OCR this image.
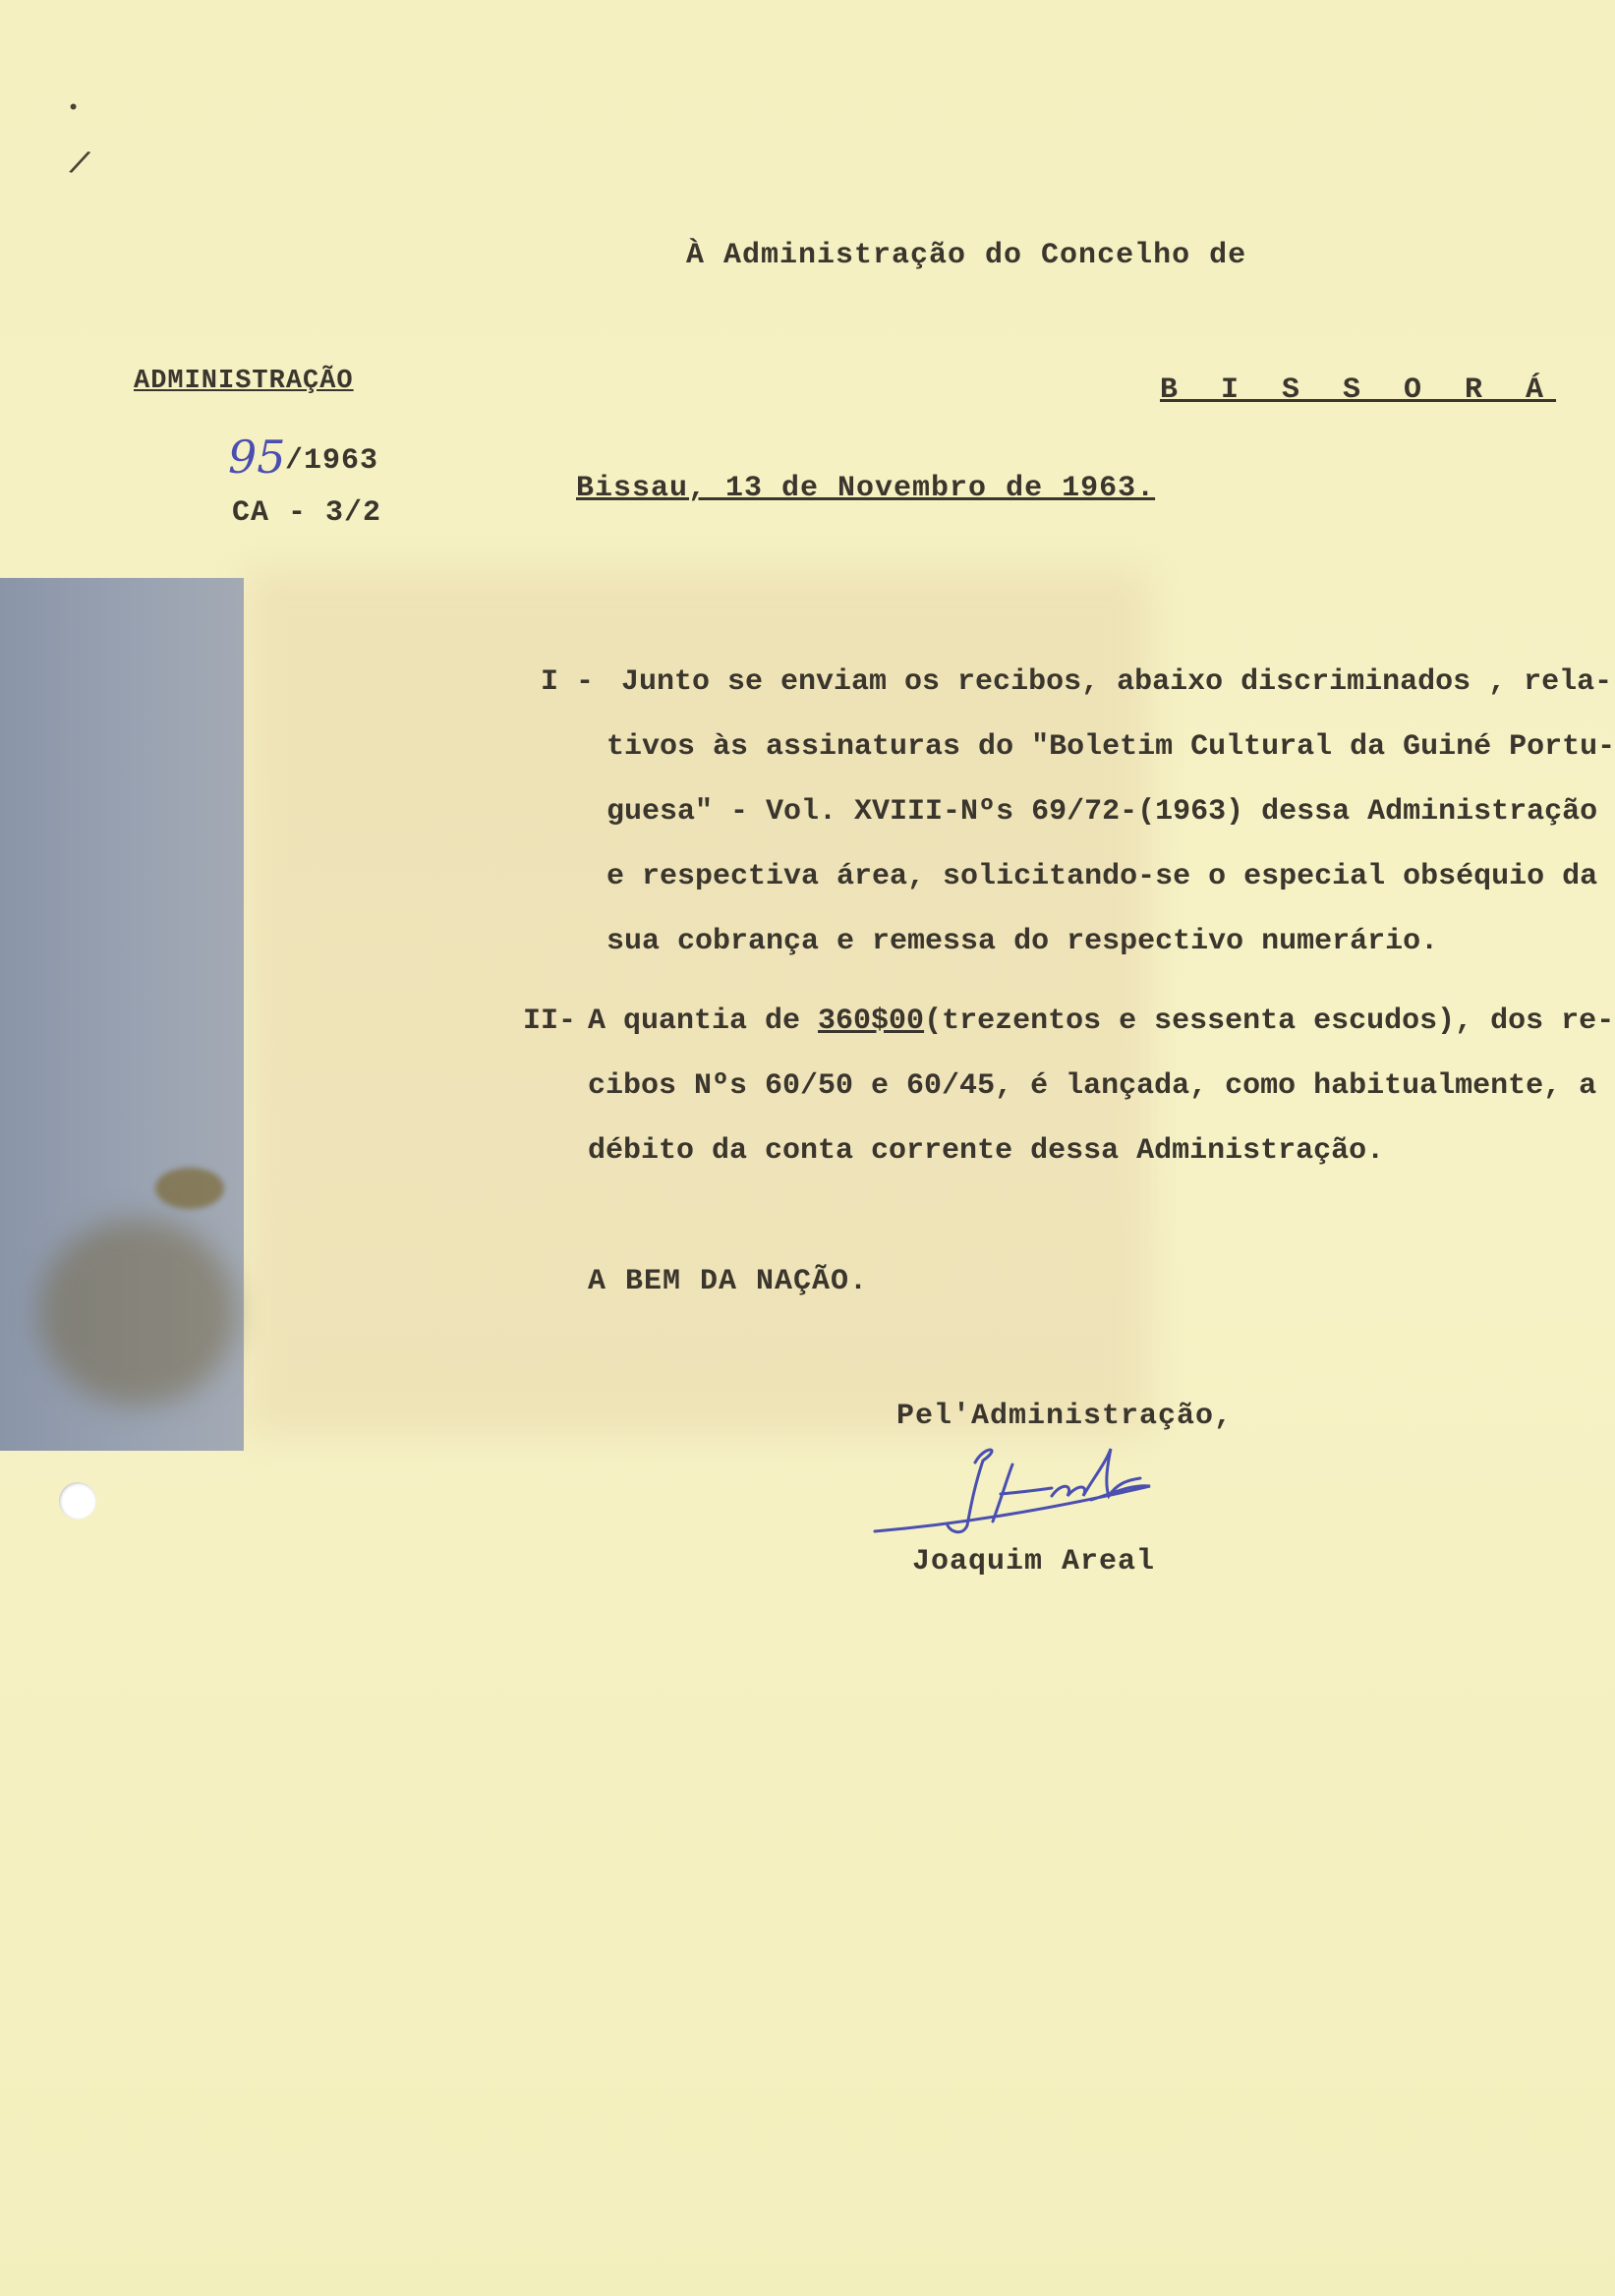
•
/
À Administração do Concelho de
ADMINISTRAÇÃO	B I S S O R Á
95 /1963
CA - 3/2
Bissau, 13 de Novembro de 1963.
I - Junto se enviam os recibos, abaixo discriminados , rela-
tivos às assinaturas do "Boletim Cultural da Guiné Portu-
guesa" - Vol. XVIII-Nºs 69/72-(1963) dessa Administração
e respectiva área, solicitando-se o especial obséquio da
sua cobrança e remessa do respectivo numerário.
II- A quantia de 360$00(trezentos e sessenta escudos), dos re-
cibos Nºs 60/50 e 60/45, é lançada, como habitualmente, a
débito da conta corrente dessa Administração.
A BEM DA NAÇÃO.
Pel'Administração,
Joaquim Areal
